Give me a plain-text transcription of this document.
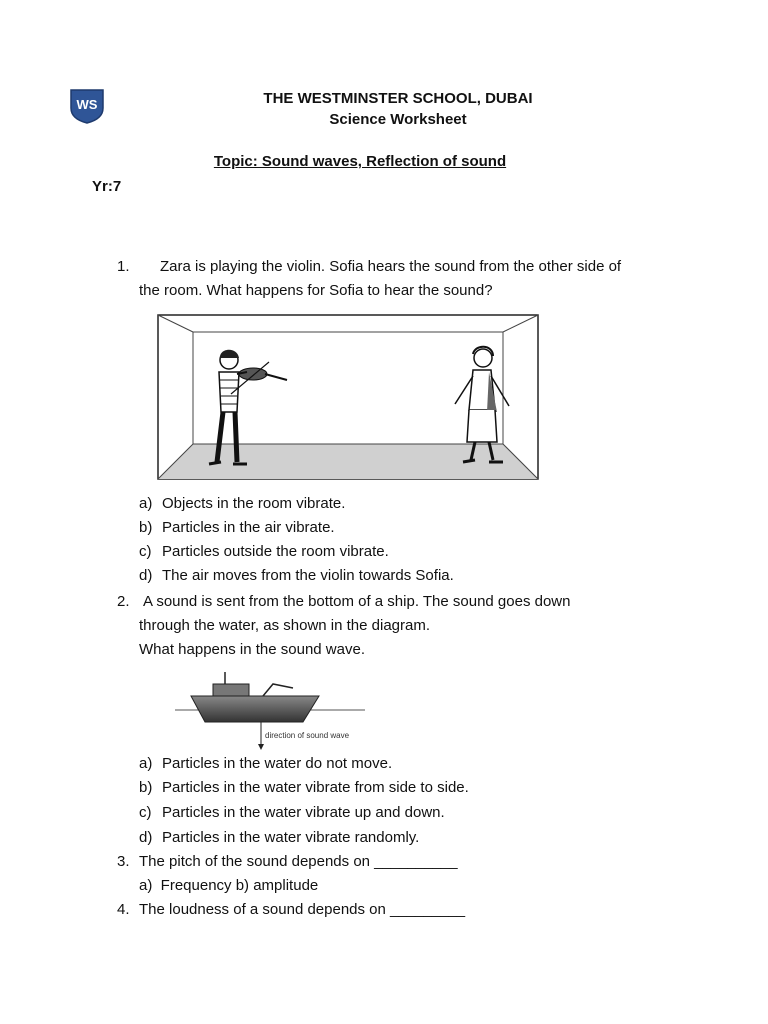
WS	THE WESTMINSTER SCHOOL, DUBAI
Science Worksheet
Topic: Sound waves, Reflection of sound
Yr:7
1. Zara is playing the violin. Sofia hears the sound from the other side of
the room. What happens for Sofia to hear the sound?
a) Objects in the room vibrate.
b) Particles in the air vibrate.
c) Particles outside the room vibrate.
d) The air moves from the violin towards Sofia.
2. A sound is sent from the bottom of a ship. The sound goes down
through the water, as shown in the diagram.
What happens in the sound wave.
direction of sound wave
a) Particles in the water do not move.
b) Particles in the water vibrate from side to side.
c) Particles in the water vibrate up and down.
d) Particles in the water vibrate randomly.
3. The pitch of the sound depends on __________
a)  Frequency b) amplitude
4. The loudness of a sound depends on _________
